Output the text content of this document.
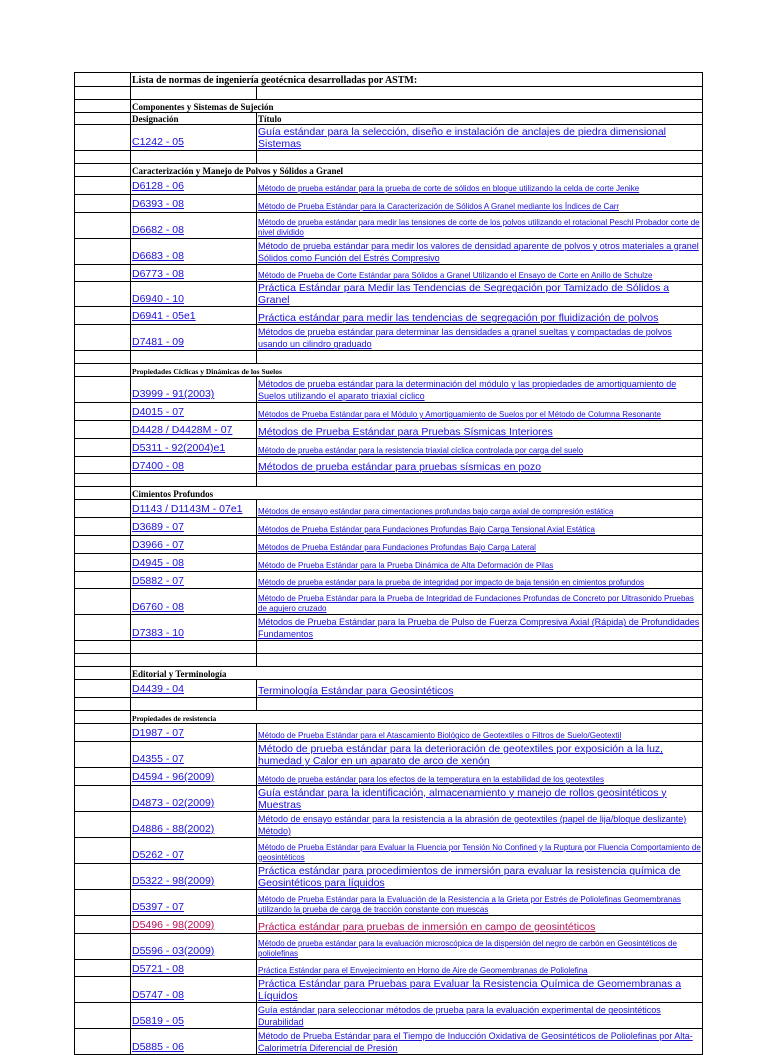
	Lista de normas de ingeniería geotécnica desarrolladas por ASTM:	

	Componentes y Sistemas de Sujeción	
	Designación	Título
	C1242 - 05	Guía estándar para la selección, diseño e instalación de anclajes de piedra dimensional Sistemas

	Caracterización y Manejo de Polvos y Sólidos a Granel	
	D6128 - 06	Método de prueba estándar para la prueba de corte de sólidos en bloque utilizando la celda de corte Jenike

	D6393 - 08	Método de Prueba Estándar para la Caracterización de Sólidos A Granel mediante los Índices de Carr

	D6682 - 08	Método de prueba estándar para medir las tensiones de corte de los polvos utilizando el rotacional Peschl Probador corte de nivel dividido

	D6683 - 08	Método de prueba estándar para medir los valores de densidad aparente de polvos y otros materiales a granel Sólidos como Función del Estrés Compresivo

	D6773 - 08	Método de Prueba de Corte Estándar para Sólidos a Granel Utilizando el Ensayo de Corte en Anillo de Schulze

	D6940 - 10	Práctica Estándar para Medir las Tendencias de Segregación por Tamizado de Sólidos a Granel

	D6941 - 05e1	Práctica estándar para medir las tendencias de segregación por fluidización de polvos

	D7481 - 09	Métodos de prueba estándar para determinar las densidades a granel sueltas y compactadas de polvos usando un cilindro graduado

	Propiedades Cíclicas y Dinámicas de los Suelos	
	D3999 - 91(2003)	Métodos de prueba estándar para la determinación del módulo y las propiedades de amortiguamiento de Suelos utilizando el aparato triaxial cíclico

	D4015 - 07	Métodos de Prueba Estándar para el Módulo y Amortiguamiento de Suelos por el Método de Columna Resonante

	D4428 / D4428M - 07	Métodos de Prueba Estándar para Pruebas Sísmicas Interiores

	D5311 - 92(2004)e1	Método de prueba estándar para la resistencia triaxial cíclica controlada por carga del suelo

	D7400 - 08	Métodos de prueba estándar para pruebas sísmicas en pozo

	Cimientos Profundos	
	D1143 / D1143M - 07e1	Métodos de ensayo estándar para cimentaciones profundas bajo carga axial de compresión estática

	D3689 - 07	Métodos de Prueba Estándar para Fundaciones Profundas Bajo Carga Tensional Axial Estática

	D3966 - 07	Métodos de Prueba Estándar para Fundaciones Profundas Bajo Carga Lateral

	D4945 - 08	Método de Prueba Estándar para la Prueba Dinámica de Alta Deformación de Pilas

	D5882 - 07	Método de prueba estándar para la prueba de integridad por impacto de baja tensión en cimientos profundos

	D6760 - 08	Método de Prueba Estándar para la Prueba de Integridad de Fundaciones Profundas de Concreto por Ultrasonido Pruebas de agujero cruzado

	D7383 - 10	Métodos de Prueba Estándar para la Prueba de Pulso de Fuerza Compresiva Axial (Rápida) de Profundidades Fundamentos

	Editorial y Terminología	
	D4439 - 04	Terminología Estándar para Geosintéticos

	Propiedades de resistencia	
	D1987 - 07	Método de Prueba Estándar para el Atascamiento Biológico de Geotextiles o Filtros de Suelo/Geotextil

	D4355 - 07	Método de prueba estándar para la deterioración de geotextiles por exposición a la luz, humedad y Calor en un aparato de arco de xenón

	D4594 - 96(2009)	Método de prueba estándar para los efectos de la temperatura en la estabilidad de los geotextiles

	D4873 - 02(2009)	Guía estándar para la identificación, almacenamiento y manejo de rollos geosintéticos y Muestras

	D4886 - 88(2002)	Método de ensayo estándar para la resistencia a la abrasión de geotextiles (papel de lija/bloque deslizante) Método)

	D5262 - 07	Método de Prueba Estándar para Evaluar la Fluencia por Tensión No Confined y la Ruptura por Fluencia Comportamiento de geosintéticos

	D5322 - 98(2009)	Práctica estándar para procedimientos de inmersión para evaluar la resistencia química de Geosintéticos para líquidos

	D5397 - 07	Método de Prueba Estándar para la Evaluación de la Resistencia a la Grieta por Estrés de Poliolefinas Geomembranas utilizando la prueba de carga de tracción constante con muescas

	D5496 - 98(2009)	Práctica estándar para pruebas de inmersión en campo de geosintéticos

	D5596 - 03(2009)	Método de prueba estándar para la evaluación microscópica de la dispersión del negro de carbón en Geosintéticos de poliolefinas

	D5721 - 08	Práctica Estándar para el Envejecimiento en Horno de Aire de Geomembranas de Poliolefina

	D5747 - 08	Práctica Estándar para Pruebas para Evaluar la Resistencia Química de Geomembranas a Líquidos

	D5819 - 05	Guía estándar para seleccionar métodos de prueba para la evaluación experimental de geosintéticos Durabilidad

	D5885 - 06	Método de Prueba Estándar para el Tiempo de Inducción Oxidativa de Geosintéticos de Poliolefinas por Alta-Calorimetría Diferencial de Presión
